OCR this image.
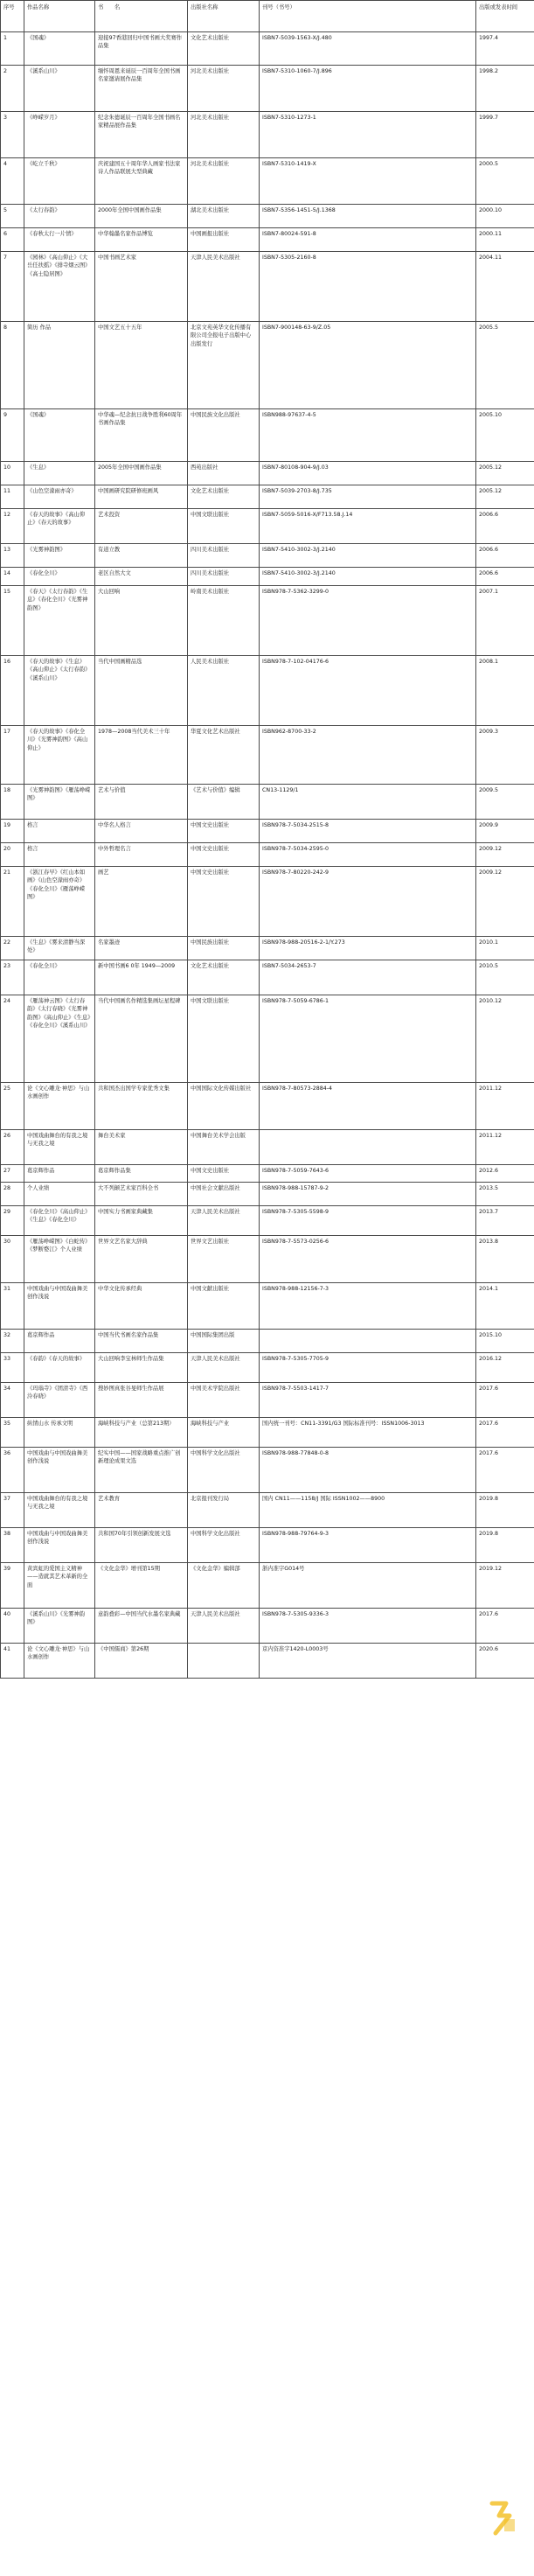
序号	作品名称	书　　名	出版社名称	刊号（书号）	出版或发表时间
1	《国魂》	迎接97香港回归中国书画大奖赛作品集	文化艺术出版社	ISBN7-5039-1563-X/J.480	1997.4
2	《溪系山川》	缅怀周恩来诞辰一百周年全国书画名家邀请展作品集	河北美术出版社	ISBN7-5310-1060-7/J.896	1998.2
3	《峥嵘岁月》	纪念朱德诞辰一百周年全国书画名家精品展作品集	河北美术出版社	ISBN7-5310-1273-1	1999.7
4	《屹立千秋》	庆祝建国五十周年华人画家书法家诗人作品联展大型典藏	河北美术出版社	ISBN7-5310-1419-X	2000.5
5	《太行春韵》	2000年全国中国画作品集	湖北美术出版社	ISBN7-5356-1451-5/J.1368	2000.10
6	《春秋太行一片情》	中华翰墨名家作品博览	中国画报出版社	ISBN7-80024-591-8	2000.11
7	《园林》《高山仰止》《大岳任扶摇》《排寺烟云图》《高士隐居图》	中国书画艺术家	天津人民美术出版社	ISBN7-5305-2160-8	2004.11
8	简历 作品	中国文艺五十五年	北京文苑英华文化传播有限公司全报电子出版中心出版发行	ISBN7-900148-63-9/Z.05	2005.5
9	《国魂》	中华魂—纪念抗日战争胜利60周年书画作品集	中国民族文化出版社	ISBN988-97637-4-5	2005.10
10	《生息》	2005年全国中国画作品集	西苑出版社	ISBN7-80108-904-9/J.03	2005.12
11	《山色空濛雨亦奇》	中国画研究院研修班画风	文化艺术出版社	ISBN7-5039-2703-8/J.735	2005.12
12	《春天的故事》《高山仰止》《春天的故事》	艺术投资	中国文联出版社	ISBN7-5059-5016-X/F713.58.J.14	2006.6
13	《光雾神韵图》	有道立教	四川美术出版社	ISBN7-5410-3002-3/J.2140	2006.6
14	《春化全川》	老区自然大文	四川美术出版社	ISBN7-5410-3002-3/J.2140	2006.6
15	《春天》《太行春韵》《生息》《春化全川》《光雾神韵图》	大山回响	岭南美术出版社	ISBN978-7-5362-3299-0	2007.1
16	《春天的故事》《生息》《高山仰止》《太行春韵》《溪系山川》	当代中国画精品选	人民美术出版社	ISBN978-7-102-04176-6	2008.1
17	《春天的故事》《春化全川》《光雾神韵图》《高山仰止》	1978—2008当代美术三十年	华夏文化艺术出版社	ISBN962-8700-33-2	2009.3
18	《光雾神韵图》《雁荡峥嵘图》	艺术与价值	《艺术与价值》编辑	CN13-1129/1	2009.5
19	格言	中华名人格言	中国文史出版社	ISBN978-7-5034-2515-8	2009.9
20	格言	中外哲理名言	中国文史出版社	ISBN978-7-5034-2595-0	2009.12
21	《浙江春早》《红山本如画》《山色空濛雨亦奇》《春化全川》《雁荡峥嵘图》	画艺	中国文史出版社	ISBN978-7-80220-242-9	2009.12
22	《生息》《雾来清静当深处》	名家墨迹	中国民族出版社	ISBN978-988-20516-2-1/Y.273	2010.1
23	《春化全川》	新中国书画6 0年 1949—2009	文化艺术出版社	ISBN7-5034-2653-7	2010.5
24	《雁荡神云图》《太行春韵》《太行春晓》《光雾神韵图》《高山仰止》《生息》《春化全川》《溪系山川》	当代中国画名作精选集画坛星程碑	中国文联出版社	ISBN978-7-5059-6786-1	2010.12
25	论《文心雕龙·神思》与山水画创作	共和国杰出国学专家优秀文集	中国国际文化传媒出版社	ISBN978-7-80573-2884-4	2011.12
26	中国戏曲舞台的有我之境与无我之境	舞台美术家	中国舞台美术学会出版		2011.12
27	葛京辉作品	葛京辉作品集	中国文史出版社	ISBN978-7-5059-7643-6	2012.6
28	个人业绩	大不列颠艺术家百科全书	中国社会文献出版社	ISBN978-988-15787-9-2	2013.5
29	《春化全川》《高山仰止》《生息》《春化全川》	中国实力书画家典藏集	天津人民美术出版社	ISBN978-7-5305-5598-9	2013.7
30	《雁荡峥嵘图》《白蛇传》《梦断婺江》个人业绩	世界文艺名家大辞典	世界文艺出版社	ISBN978-7-5573-0256-6	2013.8
31	中国戏曲与中国戏曲舞美创作浅说	中华文化传承经典	中国文献出版社	ISBN978-988-12156-7-3	2014.1
32	葛京辉作品	中国当代书画名家作品集	中国国际集团出版		2015.10
33	《春韵》《春天的故事》	大山回响李宝林师生作品集	天津人民美术出版社	ISBN978-7-5305-7705-9	2016.12
34	《玛瑙寺》《团清寺》《西泠春晓》	搜妙图真张谷旻师生作品展	中国美术学院出版社	ISBN978-7-5503-1417-7	2017.6
35	纵情山水 传承文明	海峡科技与产业（总第213期）	海峡科技与产业	国内统一刊号：CN11-3391/G3 国际标准刊号：ISSN1006-3013	2017.6
36	中国戏曲与中国戏曲舞美创作浅说	纪实中国——国家战略重点推广创新理论成果文选	中国科学文化出版社	ISBN978-988-77848-0-8	2017.6
37	中国戏曲舞台的有我之境与无我之境	艺术教育	北京报刊发行局	国内 CN11——1158/J 国际 ISSN1002——8900	2019.8
38	中国戏曲与中国戏曲舞美创作浅说	共和国70年引领创新发展文选	中国科学文化出版社	ISBN978-988-79764-9-3	2019.8
39	黄宾虹的爱国主义精神——造就其艺术革新的全面	《文化金华》增刊第15期	《文化金华》编辑部	浙内准字G014号	2019.12
40	《溪系山川》《光雾神韵图》	意韵叠彩—中国当代水墨名家典藏	天津人民美术出版社	ISBN978-7-5305-9336-3	2017.6
41	论《文心雕龙·神思》与山水画创作	《中国儒商》第26期		京内资准字1420-L0003号	2020.6
